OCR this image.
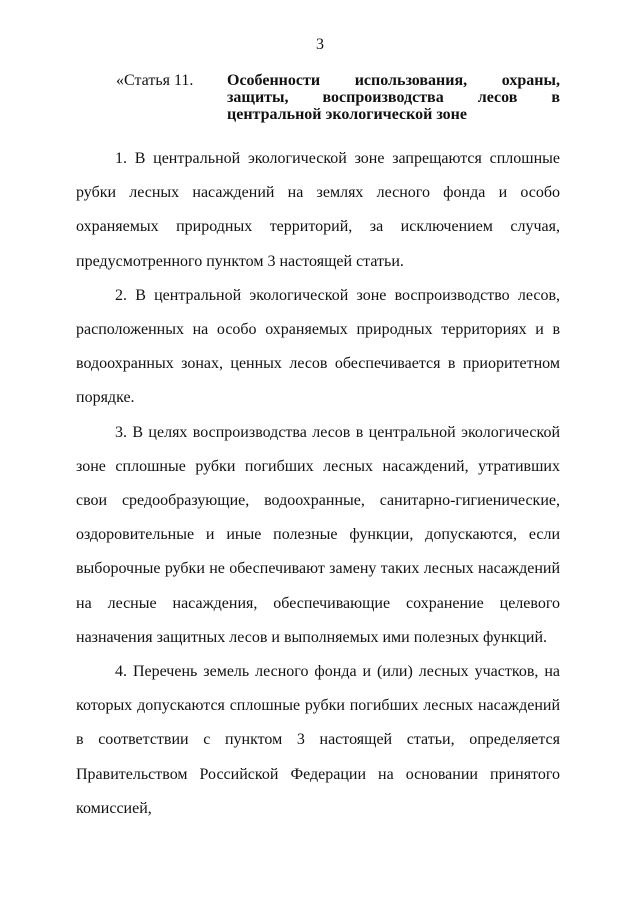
3
«Статья 11. Особенности использования, охраны, защиты, воспроизводства лесов в центральной экологической зоне

1. В центральной экологической зоне запрещаются сплошные рубки лесных насаждений на землях лесного фонда и особо охраняемых природных территорий, за исключением случая, предусмотренного пунктом 3 настоящей статьи.

2. В центральной экологической зоне воспроизводство лесов, расположенных на особо охраняемых природных территориях и в водоохранных зонах, ценных лесов обеспечивается в приоритетном порядке.

3. В целях воспроизводства лесов в центральной экологической зоне сплошные рубки погибших лесных насаждений, утративших свои средообразующие, водоохранные, санитарно-гигиенические, оздоровительные и иные полезные функции, допускаются, если выборочные рубки не обеспечивают замену таких лесных насаждений на лесные насаждения, обеспечивающие сохранение целевого назначения защитных лесов и выполняемых ими полезных функций.

4. Перечень земель лесного фонда и (или) лесных участков, на которых допускаются сплошные рубки погибших лесных насаждений в соответствии с пунктом 3 настоящей статьи, определяется Правительством Российской Федерации на основании принятого комиссией,
